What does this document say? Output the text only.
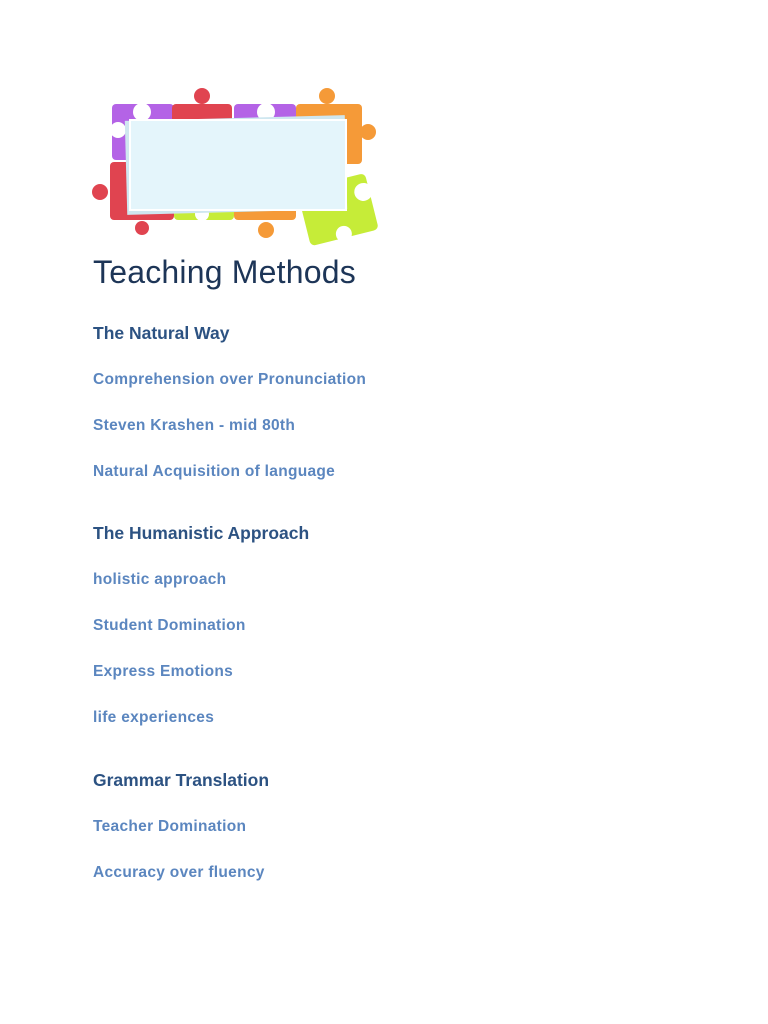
Teaching Methods
The Natural Way

Comprehension over Pronunciation

Steven Krashen - mid 80th

Natural Acquisition of language

The Humanistic Approach

holistic approach

Student Domination

Express Emotions

life experiences

Grammar Translation

Teacher Domination

Accuracy over fluency
